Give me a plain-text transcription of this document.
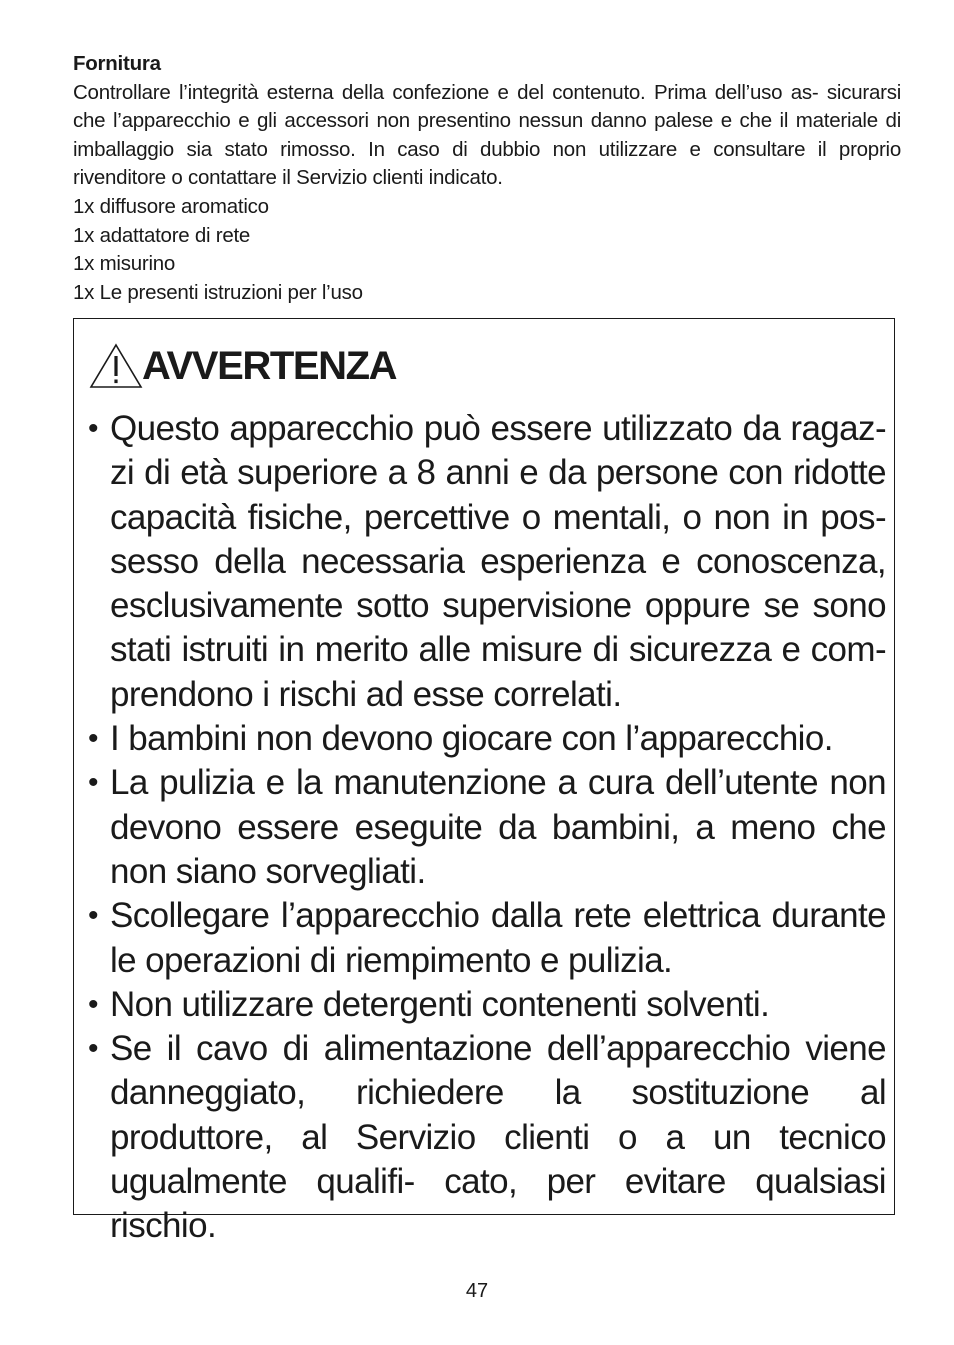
Fornitura

Controllare l’integrità esterna della confezione e del contenuto. Prima dell’uso as- sicurarsi che l’apparecchio e gli accessori non presentino nessun danno palese e che il materiale di imballaggio sia stato rimosso. In caso di dubbio non utilizzare e consultare il proprio rivenditore o contattare il Servizio clienti indicato.

1x diffusore aromatico
1x adattatore di rete
1x misurino
1x Le presenti istruzioni per l’uso
AVVERTENZA
• Questo apparecchio può essere utilizzato da ragaz- zi di età superiore a 8 anni e da persone con ridotte capacità fisiche, percettive o mentali, o non in pos- sesso della necessaria esperienza e conoscenza, esclusivamente sotto supervisione oppure se sono stati istruiti in merito alle misure di sicurezza e com- prendono i rischi ad esse correlati.
• I bambini non devono giocare con l’apparecchio.
• La pulizia e la manutenzione a cura dell’utente non devono essere eseguite da bambini, a meno che non siano sorvegliati.
• Scollegare l’apparecchio dalla rete elettrica durante le operazioni di riempimento e pulizia.
• Non utilizzare detergenti contenenti solventi.
• Se il cavo di alimentazione dell’apparecchio viene danneggiato, richiedere la sostituzione al produttore, al Servizio clienti o a un tecnico ugualmente qualifi- cato, per evitare qualsiasi rischio.
47
